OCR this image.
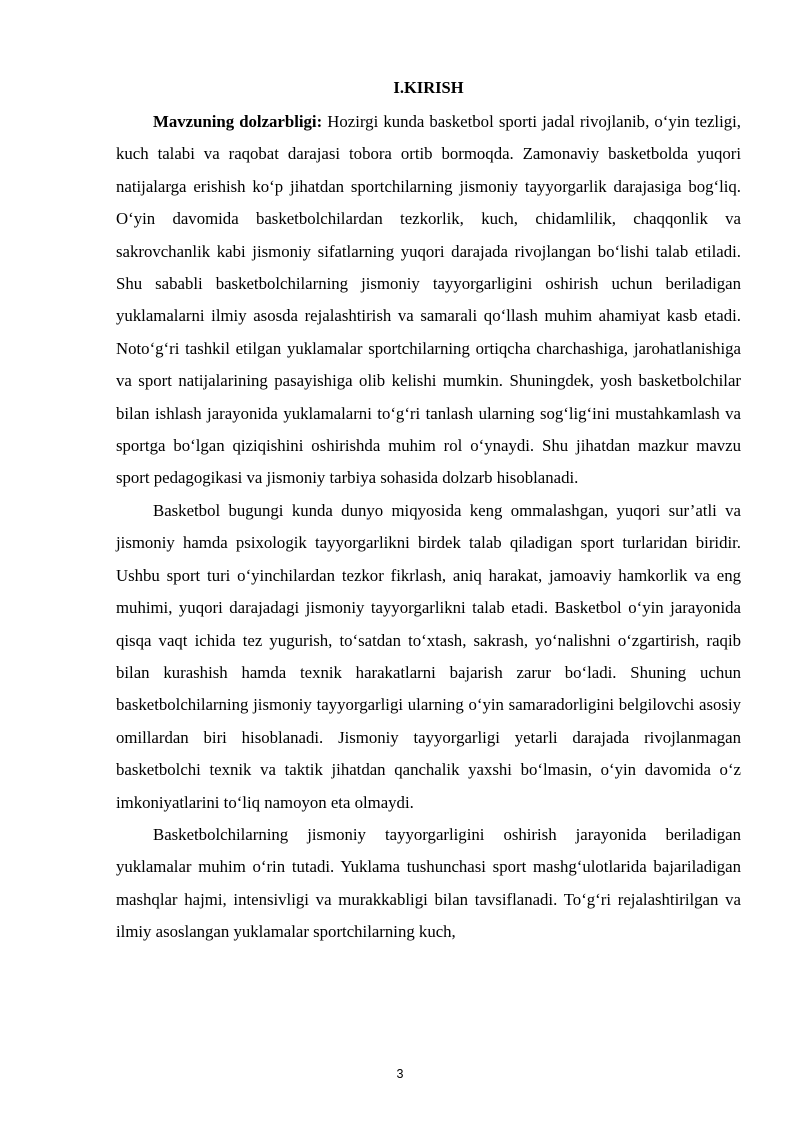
I.KIRISH

Mavzuning dolzarbligi: Hozirgi kunda basketbol sporti jadal rivojlanib, o‘yin tezligi, kuch talabi va raqobat darajasi tobora ortib bormoqda. Zamonaviy basketbolda yuqori natijalarga erishish ko‘p jihatdan sportchilarning jismoniy tayyorgarlik darajasiga bog‘liq. O‘yin davomida basketbolchilardan tezkorlik, kuch, chidamlilik, chaqqonlik va sakrovchanlik kabi jismoniy sifatlarning yuqori darajada rivojlangan bo‘lishi talab etiladi. Shu sababli basketbolchilarning jismoniy tayyorgarligini oshirish uchun beriladigan yuklamalarni ilmiy asosda rejalashtirish va samarali qo‘llash muhim ahamiyat kasb etadi. Noto‘g‘ri tashkil etilgan yuklamalar sportchilarning ortiqcha charchashiga, jarohatlanishiga va sport natijalarining pasayishiga olib kelishi mumkin. Shuningdek, yosh basketbolchilar bilan ishlash jarayonida yuklamalarni to‘g‘ri tanlash ularning sog‘lig‘ini mustahkamlash va sportga bo‘lgan qiziqishini oshirishda muhim rol o‘ynaydi. Shu jihatdan mazkur mavzu sport pedagogikasi va jismoniy tarbiya sohasida dolzarb hisoblanadi.

Basketbol bugungi kunda dunyo miqyosida keng ommalashgan, yuqori sur’atli va jismoniy hamda psixologik tayyorgarlikni birdek talab qiladigan sport turlaridan biridir. Ushbu sport turi o‘yinchilardan tezkor fikrlash, aniq harakat, jamoaviy hamkorlik va eng muhimi, yuqori darajadagi jismoniy tayyorgarlikni talab etadi. Basketbol o‘yin jarayonida qisqa vaqt ichida tez yugurish, to‘satdan to‘xtash, sakrash, yo‘nalishni o‘zgartirish, raqib bilan kurashish hamda texnik harakatlarni bajarish zarur bo‘ladi. Shuning uchun basketbolchilarning jismoniy tayyorgarligi ularning o‘yin samaradorligini belgilovchi asosiy omillardan biri hisoblanadi. Jismoniy tayyorgarligi yetarli darajada rivojlanmagan basketbolchi texnik va taktik jihatdan qanchalik yaxshi bo‘lmasin, o‘yin davomida o‘z imkoniyatlarini to‘liq namoyon eta olmaydi.

Basketbolchilarning jismoniy tayyorgarligini oshirish jarayonida beriladigan yuklamalar muhim o‘rin tutadi. Yuklama tushunchasi sport mashg‘ulotlarida bajariladigan mashqlar hajmi, intensivligi va murakkabligi bilan tavsiflanadi. To‘g‘ri rejalashtirilgan va ilmiy asoslangan yuklamalar sportchilarning kuch,

3
